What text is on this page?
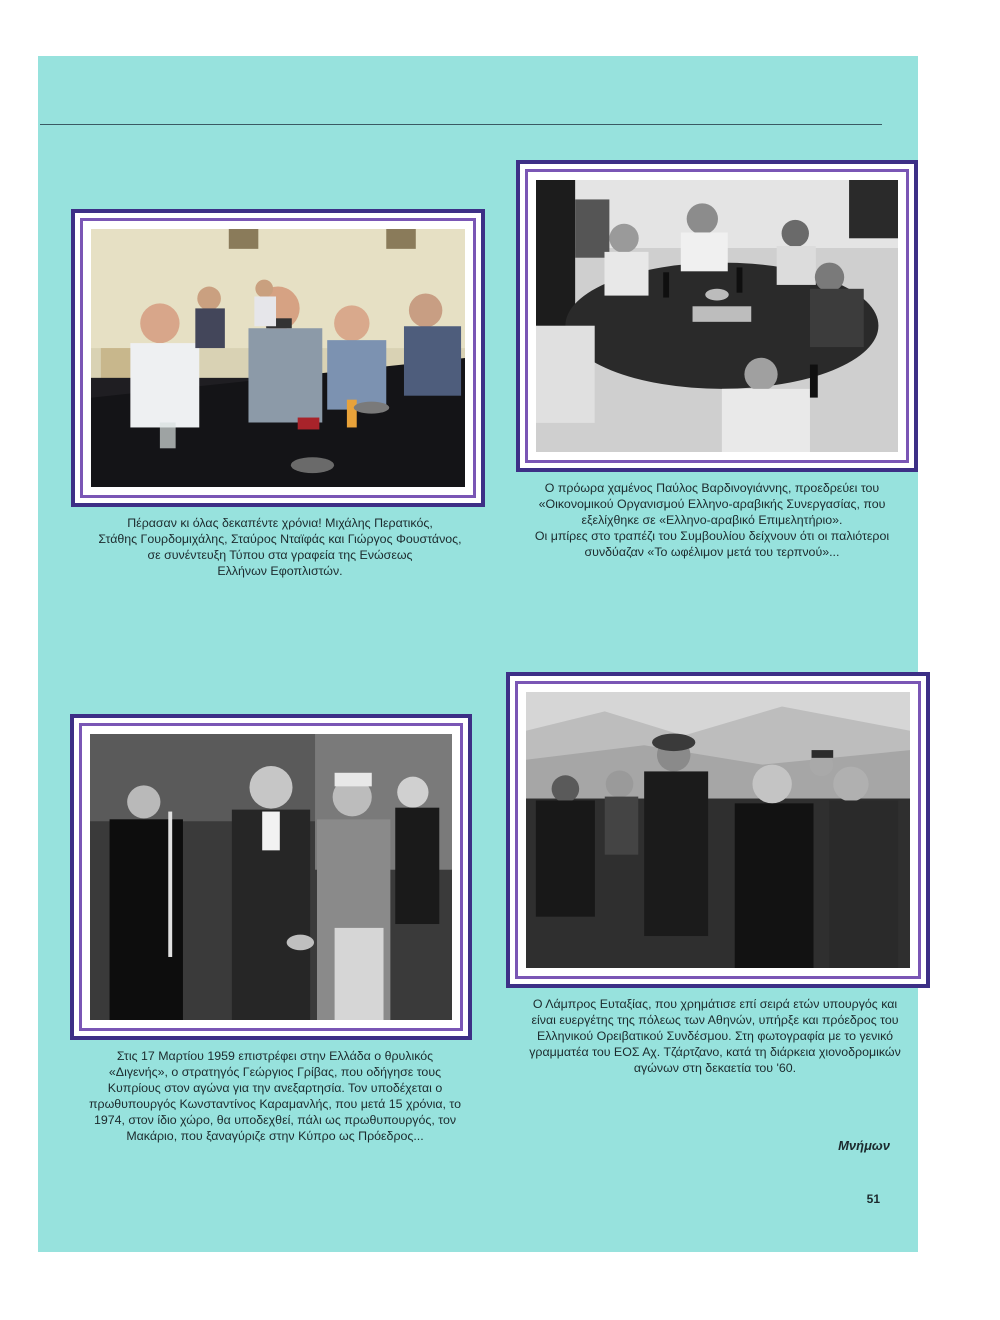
Πέρασαν κι όλας δεκαπέντε χρόνια! Μιχάλης Περατικός,

Στάθης Γουρδομιχάλης, Σταύρος Νταϊφάς και Γιώργος Φουστάνος,

σε συνέντευξη Τύπου στα γραφεία της Ενώσεως

Ελλήνων Εφοπλιστών.

Ο πρόωρα χαμένος Παύλος Βαρδινογιάννης, προεδρεύει του

«Οικονομικού Οργανισμού Ελληνο-αραβικής Συνεργασίας, που

εξελίχθηκε σε «Ελληνο-αραβικό Επιμελητήριο».

Οι μπίρες στο τραπέζι του Συμβουλίου δείχνουν ότι οι παλιότεροι

συνδύαζαν «Το ωφέλιμον μετά του τερπνού»...

Στις 17 Μαρτίου 1959 επιστρέφει στην Ελλάδα ο θρυλικός

«Διγενής», ο στρατηγός Γεώργιος Γρίβας, που οδήγησε τους

Κυπρίους στον αγώνα για την ανεξαρτησία. Τον υποδέχεται ο

πρωθυπουργός Κωνσταντίνος Καραμανλής, που μετά 15 χρόνια, το

1974, στον ίδιο χώρο, θα υποδεχθεί, πάλι ως πρωθυπουργός, τον

Μακάριο, που ξαναγύριζε στην Κύπρο ως Πρόεδρος...

Ο Λάμπρος Ευταξίας, που χρημάτισε επί σειρά ετών υπουργός και

είναι ευεργέτης της πόλεως των Αθηνών, υπήρξε και πρόεδρος του

Ελληνικού Ορειβατικού Συνδέσμου. Στη φωτογραφία με το γενικό

γραμματέα του ΕΟΣ Αχ. Τζάρτζανο, κατά τη διάρκεια χιονοδρομικών

αγώνων στη δεκαετία του '60.

Μνήμων
51
